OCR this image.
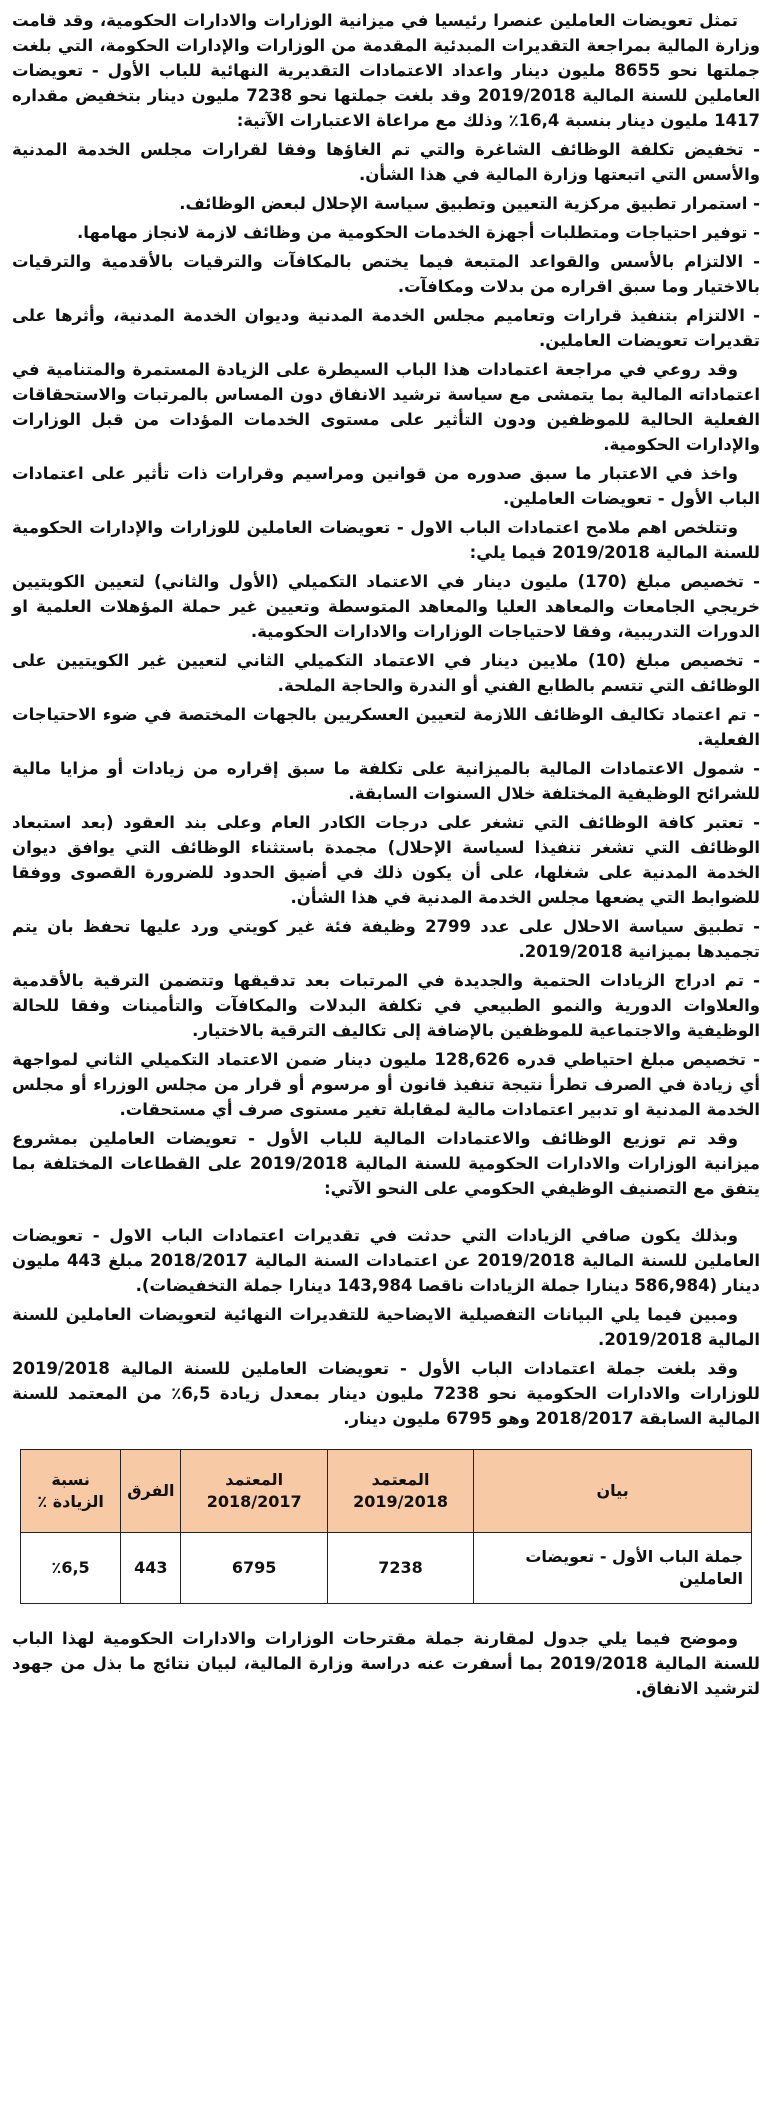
تمثل تعويضات العاملين عنصرا رئيسيا في ميزانية الوزارات والادارات الحكومية، وقد قامت وزارة المالية بمراجعة التقديرات المبدئية المقدمة من الوزارات والإدارات الحكومة، التي بلغت جملتها نحو 8655 مليون دينار واعداد الاعتمادات التقديرية النهائية للباب الأول - تعويضات العاملين للسنة المالية 2019/2018 وقد بلغت جملتها نحو 7238 مليون دينار بتخفيض مقداره 1417 مليون دينار بنسبة 16,4٪ وذلك مع مراعاة الاعتبارات الآتية:

- تخفيض تكلفة الوظائف الشاغرة والتي تم الغاؤها وفقا لقرارات مجلس الخدمة المدنية والأسس التي اتبعتها وزارة المالية في هذا الشأن.

- استمرار تطبيق مركزية التعيين وتطبيق سياسة الإحلال لبعض الوظائف.

- توفير احتياجات ومتطلبات أجهزة الخدمات الحكومية من وظائف لازمة لانجاز مهامها.

- الالتزام بالأسس والقواعد المتبعة فيما يختص بالمكافآت والترقيات بالأقدمية والترقيات بالاختيار وما سبق اقراره من بدلات ومكافآت.

- الالتزام بتنفيذ قرارات وتعاميم مجلس الخدمة المدنية وديوان الخدمة المدنية، وأثرها على تقديرات تعويضات العاملين.

وقد روعي في مراجعة اعتمادات هذا الباب السيطرة على الزيادة المستمرة والمتنامية في اعتماداته المالية بما يتمشى مع سياسة ترشيد الانفاق دون المساس بالمرتبات والاستحقاقات الفعلية الحالية للموظفين ودون التأثير على مستوى الخدمات المؤدات من قبل الوزارات والإدارات الحكومية.

واخذ في الاعتبار ما سبق صدوره من قوانين ومراسيم وقرارات ذات تأثير على اعتمادات الباب الأول - تعويضات العاملين.

وتتلخص اهم ملامح اعتمادات الباب الاول - تعويضات العاملين للوزارات والإدارات الحكومية للسنة المالية 2019/2018 فيما يلي:

- تخصيص مبلغ (170) مليون دينار في الاعتماد التكميلي (الأول والثاني) لتعيين الكويتيين خريجي الجامعات والمعاهد العليا والمعاهد المتوسطة وتعيين غير حملة المؤهلات العلمية او الدورات التدريبية، وفقا لاحتياجات الوزارات والادارات الحكومية.

- تخصيص مبلغ (10) ملايين دينار في الاعتماد التكميلي الثاني لتعيين غير الكويتيين على الوظائف التي تتسم بالطابع الفني أو الندرة والحاجة الملحة.

- تم اعتماد تكاليف الوظائف اللازمة لتعيين العسكريين بالجهات المختصة في ضوء الاحتياجات الفعلية.

- شمول الاعتمادات المالية بالميزانية على تكلفة ما سبق إقراره من زيادات أو مزايا مالية للشرائح الوظيفية المختلفة خلال السنوات السابقة.

- تعتبر كافة الوظائف التي تشغر على درجات الكادر العام وعلى بند العقود (بعد استبعاد الوظائف التي تشغر تنفيذا لسياسة الإحلال) مجمدة باستثناء الوظائف التي يوافق ديوان الخدمة المدنية على شغلها، على أن يكون ذلك في أضيق الحدود للضرورة القصوى ووفقا للضوابط التي يضعها مجلس الخدمة المدنية في هذا الشأن.

- تطبيق سياسة الاحلال على عدد 2799 وظيفة فئة غير كويتي ورد عليها تحفظ بان يتم تجميدها بميزانية 2019/2018.

- تم ادراج الزيادات الحتمية والجديدة في المرتبات بعد تدقيقها وتتضمن الترقية بالأقدمية والعلاوات الدورية والنمو الطبيعي في تكلفة البدلات والمكافآت والتأمينات وفقا للحالة الوظيفية والاجتماعية للموظفين بالإضافة إلى تكاليف الترقية بالاختيار.

- تخصيص مبلغ احتياطي قدره 128,626 مليون دينار ضمن الاعتماد التكميلي الثاني لمواجهة أي زيادة في الصرف تطرأ نتيجة تنفيذ قانون أو مرسوم أو قرار من مجلس الوزراء أو مجلس الخدمة المدنية او تدبير اعتمادات مالية لمقابلة تغير مستوى صرف أي مستحقات.

وقد تم توزيع الوظائف والاعتمادات المالية للباب الأول - تعويضات العاملين بمشروع ميزانية الوزارات والادارات الحكومية للسنة المالية 2019/2018 على القطاعات المختلفة بما يتفق مع التصنيف الوظيفي الحكومي على النحو الآتي:

وبذلك يكون صافي الزيادات التي حدثت في تقديرات اعتمادات الباب الاول - تعويضات العاملين للسنة المالية 2019/2018 عن اعتمادات السنة المالية 2018/2017 مبلغ 443 مليون دينار (586,984 دينارا جملة الزيادات ناقصا 143,984 دينارا جملة التخفيضات).

ومبين فيما يلي البيانات التفصيلية الايضاحية للتقديرات النهائية لتعويضات العاملين للسنة المالية 2019/2018.

وقد بلغت جملة اعتمادات الباب الأول - تعويضات العاملين للسنة المالية 2019/2018 للوزارات والادارات الحكومية نحو 7238 مليون دينار بمعدل زيادة 6,5٪ من المعتمد للسنة المالية السابقة 2018/2017 وهو 6795 مليون دينار.

بيان	المعتمد 2019/2018	المعتمد 2018/2017	الفرق	نسبة الزيادة ٪
جملة الباب الأول - تعويضات العاملين	7238	6795	443	٪6,5

وموضح فيما يلي جدول لمقارنة جملة مقترحات الوزارات والادارات الحكومية لهذا الباب للسنة المالية 2019/2018 بما أسفرت عنه دراسة وزارة المالية، لبيان نتائج ما بذل من جهود لترشيد الانفاق.
